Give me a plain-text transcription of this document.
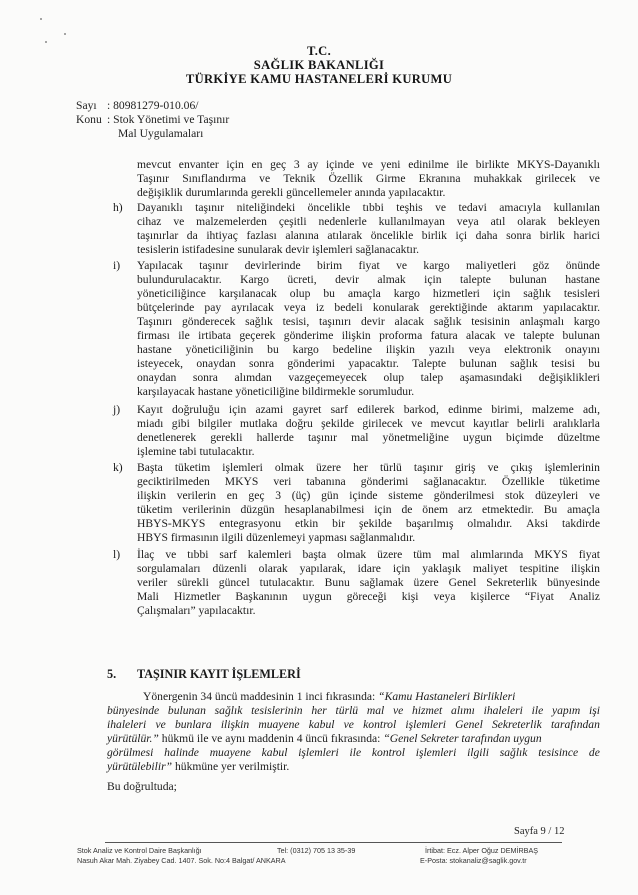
T.C.
SAĞLIK BAKANLIĞI
TÜRKİYE KAMU HASTANELERİ KURUMU
Sayı : 80981279-010.06/
Konu : Stok Yönetimi ve Taşınır
Mal Uygulamaları
mevcut envanter için en geç 3 ay içinde ve yeni edinilme ile birlikte MKYS-Dayanıklı
Taşınır Sınıflandırma ve Teknik Özellik Girme Ekranına muhakkak girilecek ve
değişiklik durumlarında gerekli güncellemeler anında yapılacaktır.
h) Dayanıklı taşınır niteliğindeki öncelikle tıbbi teşhis ve tedavi amacıyla kullanılan
cihaz ve malzemelerden çeşitli nedenlerle kullanılmayan veya atıl olarak bekleyen
taşınırlar da ihtiyaç fazlası alanına atılarak öncelikle birlik içi daha sonra birlik harici
tesislerin istifadesine sunularak devir işlemleri sağlanacaktır.
i) Yapılacak taşınır devirlerinde birim fiyat ve kargo maliyetleri göz önünde
bulundurulacaktır. Kargo ücreti, devir almak için talepte bulunan hastane
yöneticiliğince karşılanacak olup bu amaçla kargo hizmetleri için sağlık tesisleri
bütçelerinde pay ayrılacak veya iz bedeli konularak gerektiğinde aktarım yapılacaktır.
Taşınırı gönderecek sağlık tesisi, taşınırı devir alacak sağlık tesisinin anlaşmalı kargo
firması ile irtibata geçerek gönderime ilişkin proforma fatura alacak ve talepte bulunan
hastane yöneticiliğinin bu kargo bedeline ilişkin yazılı veya elektronik onayını
isteyecek, onaydan sonra gönderimi yapacaktır. Talepte bulunan sağlık tesisi bu
onaydan sonra alımdan vazgeçemeyecek olup talep aşamasındaki değişiklikleri
karşılayacak hastane yöneticiliğine bildirmekle sorumludur.
j) Kayıt doğruluğu için azami gayret sarf edilerek barkod, edinme birimi, malzeme adı,
miadı gibi bilgiler mutlaka doğru şekilde girilecek ve mevcut kayıtlar belirli aralıklarla
denetlenerek gerekli hallerde taşınır mal yönetmeliğine uygun biçimde düzeltme
işlemine tabi tutulacaktır.
k) Başta tüketim işlemleri olmak üzere her türlü taşınır giriş ve çıkış işlemlerinin
geciktirilmeden MKYS veri tabanına gönderimi sağlanacaktır. Özellikle tüketime
ilişkin verilerin en geç 3 (üç) gün içinde sisteme gönderilmesi stok düzeyleri ve
tüketim verilerinin düzgün hesaplanabilmesi için de önem arz etmektedir. Bu amaçla
HBYS-MKYS entegrasyonu etkin bir şekilde başarılmış olmalıdır. Aksi takdirde
HBYS firmasının ilgili düzenlemeyi yapması sağlanmalıdır.
l) İlaç ve tıbbi sarf kalemleri başta olmak üzere tüm mal alımlarında MKYS fiyat
sorgulamaları düzenli olarak yapılarak, idare için yaklaşık maliyet tespitine ilişkin
veriler sürekli güncel tutulacaktır. Bunu sağlamak üzere Genel Sekreterlik bünyesinde
Mali Hizmetler Başkanının uygun göreceği kişi veya kişilerce “Fiyat Analiz
Çalışmaları” yapılacaktır.
5. TAŞINIR KAYIT İŞLEMLERİ
Yönergenin 34 üncü maddesinin 1 inci fıkrasında: “Kamu Hastaneleri Birlikleri
bünyesinde bulunan sağlık tesislerinin her türlü mal ve hizmet alımı ihaleleri ile yapım işi
ihaleleri ve bunlara ilişkin muayene kabul ve kontrol işlemleri Genel Sekreterlik tarafından
yürütülür.” hükmü ile ve aynı maddenin 4 üncü fıkrasında: “Genel Sekreter tarafından uygun
görülmesi halinde muayene kabul işlemleri ile kontrol işlemleri ilgili sağlık tesisince de
yürütülebilir” hükmüne yer verilmiştir.
Bu doğrultuda;
Sayfa 9 / 12
Stok Analiz ve Kontrol Daire Başkanlığı
Nasuh Akar Mah. Ziyabey Cad. 1407. Sok. No:4 Balgat/ ANKARA
Tel: (0312) 705 13 35-39	İrtibat: Ecz. Alper Oğuz DEMİRBAŞ
E-Posta: stokanaliz@saglik.gov.tr
